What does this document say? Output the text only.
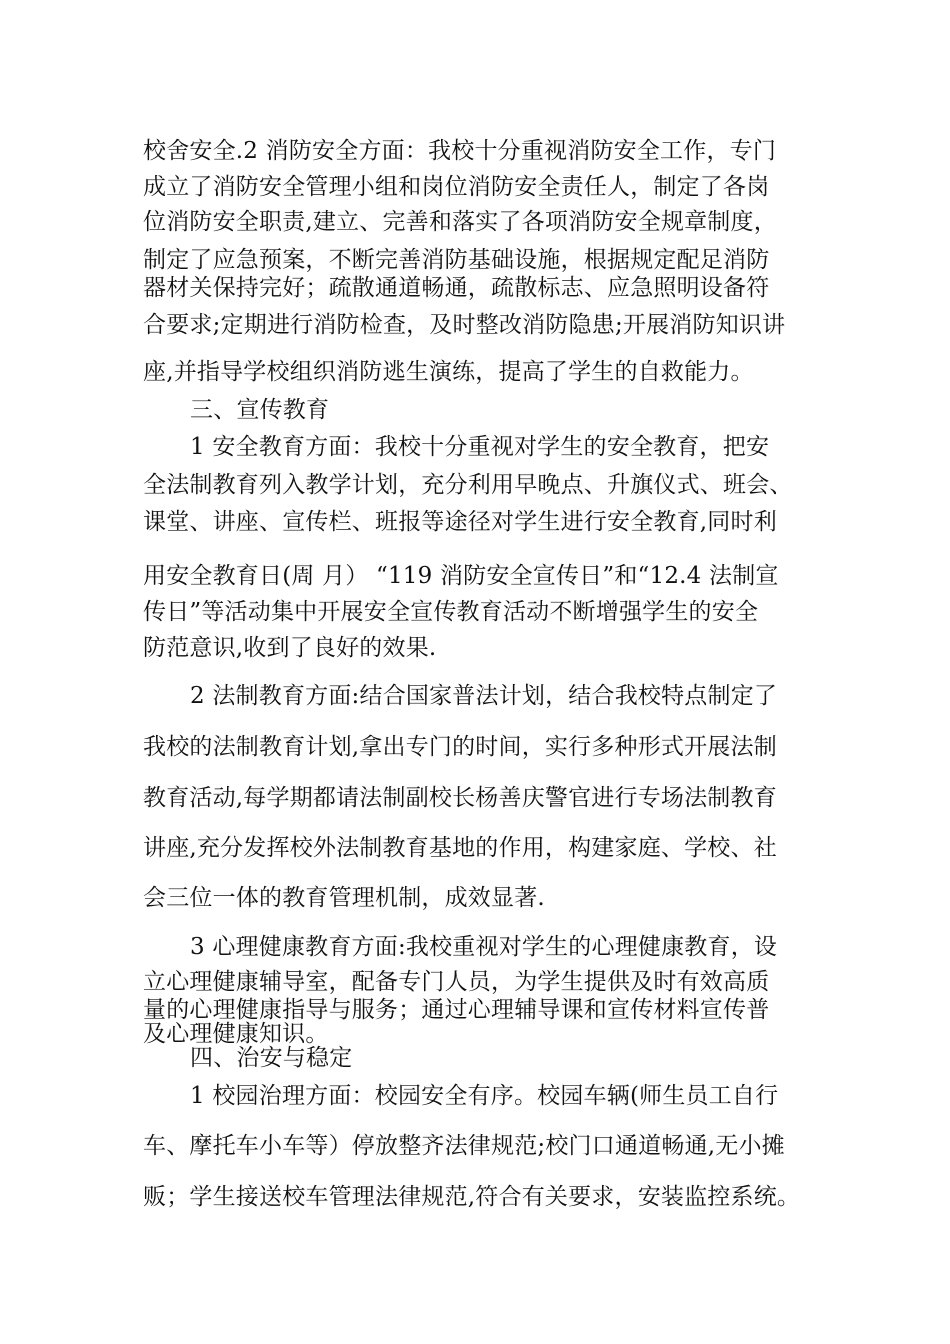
校舍安全.2 消防安全方面：我校十分重视消防安全工作，专门
成立了消防安全管理小组和岗位消防安全责任人，制定了各岗
位消防安全职责,建立、完善和落实了各项消防安全规章制度，
制定了应急预案，不断完善消防基础设施，根据规定配足消防
器材关保持完好；疏散通道畅通，疏散标志、应急照明设备符
合要求;定期进行消防检查，及时整改消防隐患;开展消防知识讲
座,并指导学校组织消防逃生演练，提高了学生的自救能力。
三、宣传教育
1 安全教育方面：我校十分重视对学生的安全教育，把安
全法制教育列入教学计划，充分利用早晚点、升旗仪式、班会、
课堂、讲座、宣传栏、班报等途径对学生进行安全教育,同时利
用安全教育日(周 月） “119 消防安全宣传日”和“12.4 法制宣
传日”等活动集中开展安全宣传教育活动不断增强学生的安全
防范意识,收到了良好的效果.
2 法制教育方面:结合国家普法计划，结合我校特点制定了
我校的法制教育计划,拿出专门的时间，实行多种形式开展法制
教育活动,每学期都请法制副校长杨善庆警官进行专场法制教育
讲座,充分发挥校外法制教育基地的作用，构建家庭、学校、社
会三位一体的教育管理机制，成效显著.
3 心理健康教育方面:我校重视对学生的心理健康教育，设
立心理健康辅导室，配备专门人员，为学生提供及时有效高质
量的心理健康指导与服务；通过心理辅导课和宣传材料宣传普
及心理健康知识。
四、治安与稳定
1 校园治理方面：校园安全有序。校园车辆(师生员工自行
车、摩托车小车等）停放整齐法律规范;校门口通道畅通,无小摊
贩；学生接送校车管理法律规范,符合有关要求，安装监控系统。
